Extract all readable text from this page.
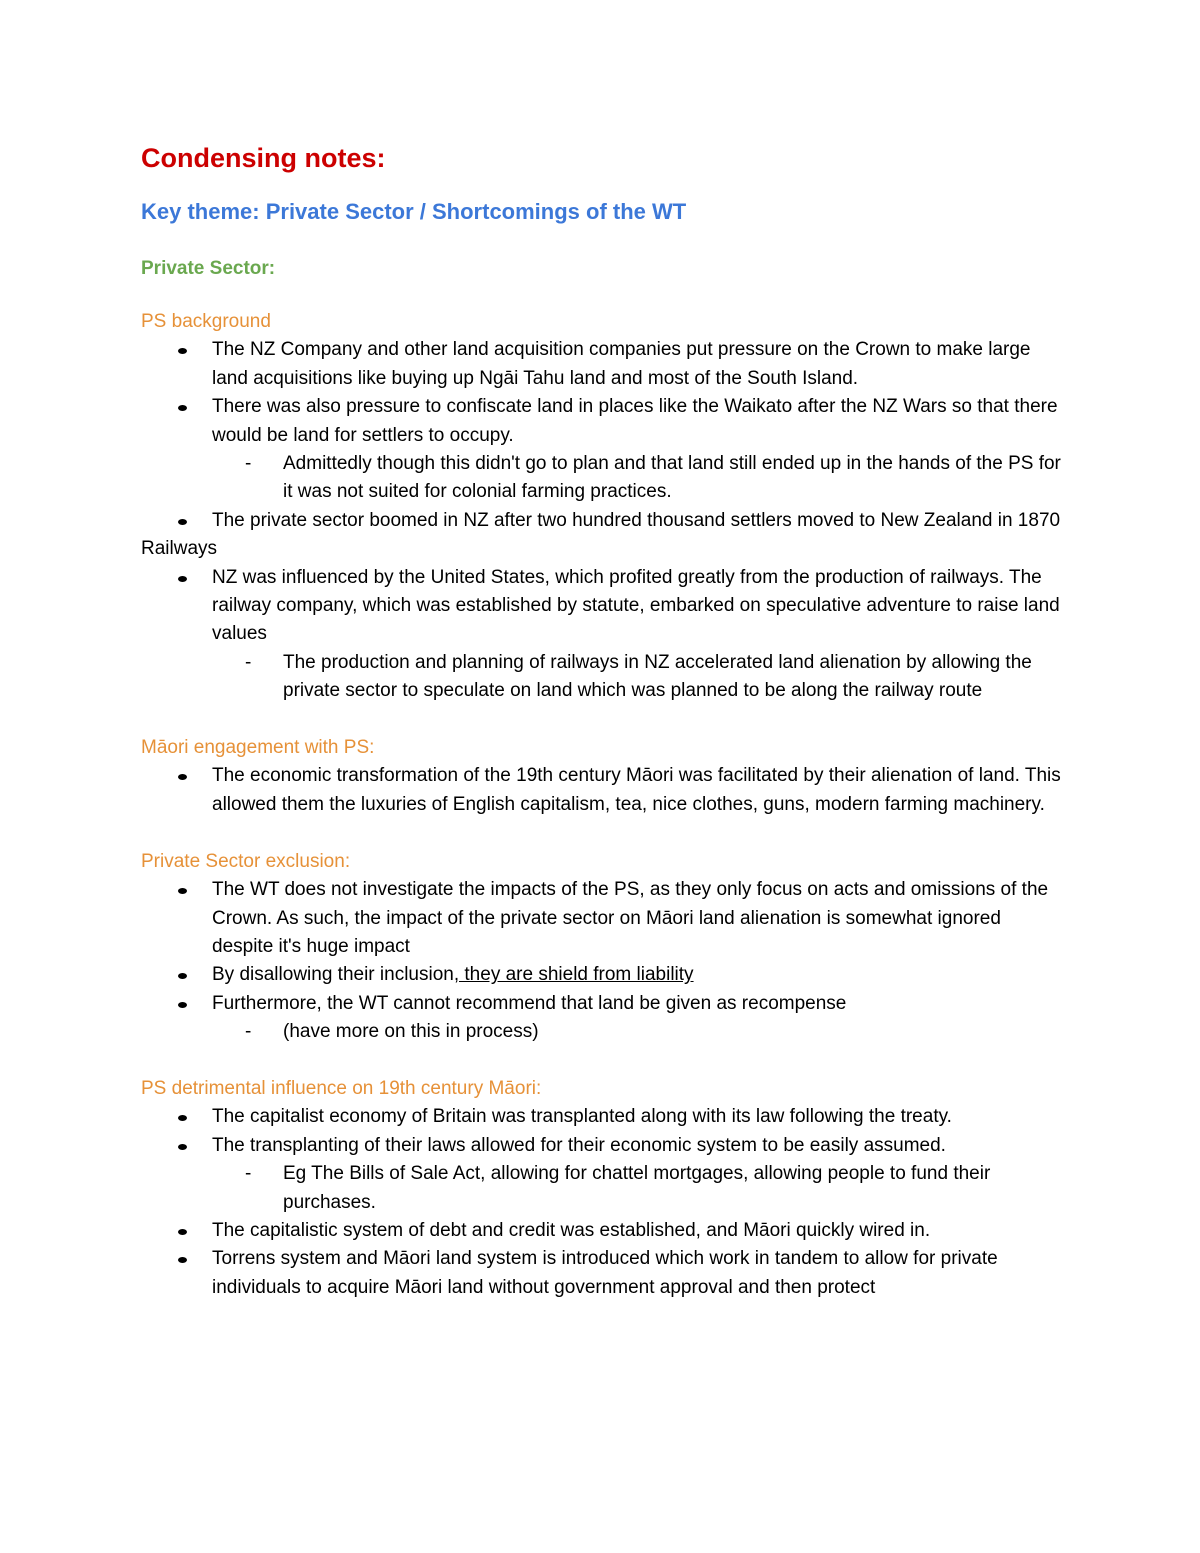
Condensing notes:
Key theme: Private Sector / Shortcomings of the WT
Private Sector:
PS background
The NZ Company and other land acquisition companies put pressure on the Crown to make large land acquisitions like buying up Ngāi Tahu land and most of the South Island.
There was also pressure to confiscate land in places like the Waikato after the NZ Wars so that there would be land for settlers to occupy.
-	Admittedly though this didn't go to plan and that land still ended up in the hands of the PS for it was not suited for colonial farming practices.
The private sector boomed in NZ after two hundred thousand settlers moved to New Zealand in 1870
Railways
NZ was influenced by the United States, which profited greatly from the production of railways. The railway company, which was established by statute, embarked on speculative adventure to raise land values
-	The production and planning of railways in NZ accelerated land alienation by allowing the private sector to speculate on land which was planned to be along the railway route
Māori engagement with PS:
The economic transformation of the 19th century Māori was facilitated by their alienation of land. This allowed them the luxuries of English capitalism, tea, nice clothes, guns, modern farming machinery.
Private Sector exclusion:
The WT does not investigate the impacts of the PS, as they only focus on acts and omissions of the Crown. As such, the impact of the private sector on Māori land alienation is somewhat ignored despite it's huge impact
By disallowing their inclusion, they are shield from liability
Furthermore, the WT cannot recommend that land be given as recompense
-	(have more on this in process)
PS detrimental influence on 19th century Māori:
The capitalist economy of Britain was transplanted along with its law following the treaty.
The transplanting of their laws allowed for their economic system to be easily assumed.
-	Eg The Bills of Sale Act, allowing for chattel mortgages, allowing people to fund their purchases.
The capitalistic system of debt and credit was established, and Māori quickly wired in.
Torrens system and Māori land system is introduced which work in tandem to allow for private individuals to acquire Māori land without government approval and then protect
